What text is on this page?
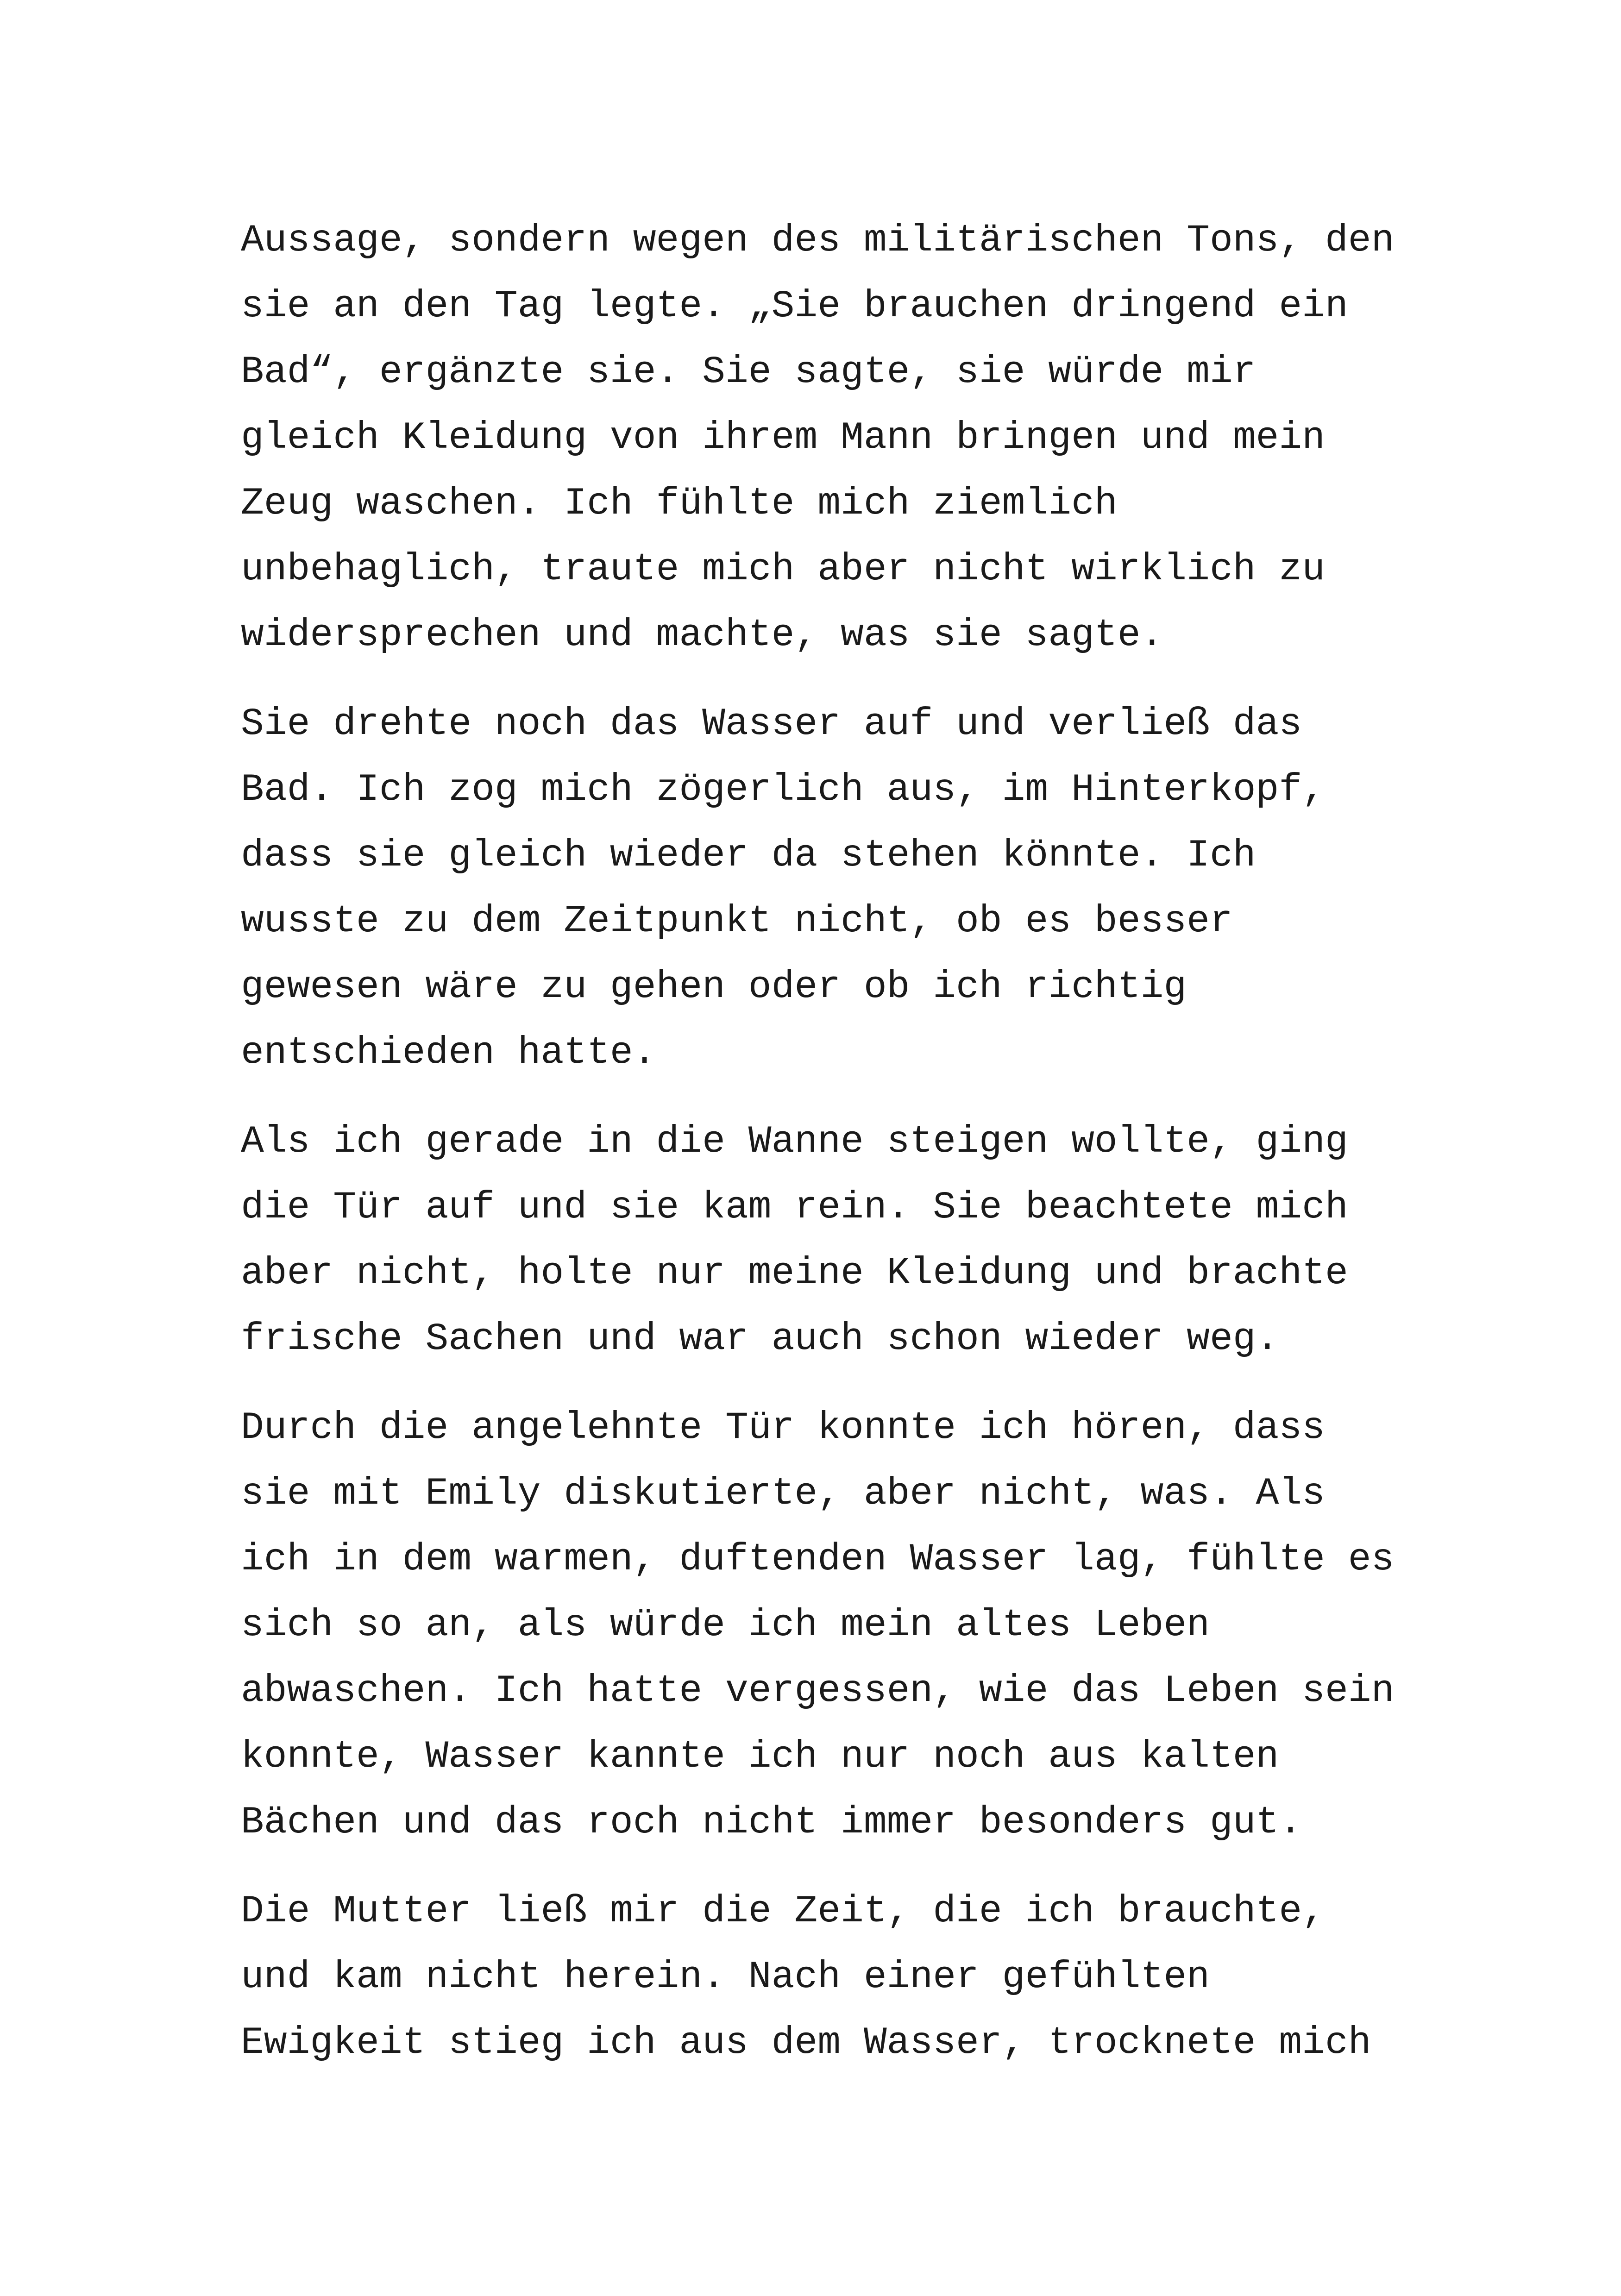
Aussage, sondern wegen des militärischen Tons, den
sie an den Tag legte. „Sie brauchen dringend ein
Bad“, ergänzte sie. Sie sagte, sie würde mir
gleich Kleidung von ihrem Mann bringen und mein
Zeug waschen. Ich fühlte mich ziemlich
unbehaglich, traute mich aber nicht wirklich zu
widersprechen und machte, was sie sagte.

Sie drehte noch das Wasser auf und verließ das
Bad. Ich zog mich zögerlich aus, im Hinterkopf,
dass sie gleich wieder da stehen könnte. Ich
wusste zu dem Zeitpunkt nicht, ob es besser
gewesen wäre zu gehen oder ob ich richtig
entschieden hatte.

Als ich gerade in die Wanne steigen wollte, ging
die Tür auf und sie kam rein. Sie beachtete mich
aber nicht, holte nur meine Kleidung und brachte
frische Sachen und war auch schon wieder weg.

Durch die angelehnte Tür konnte ich hören, dass
sie mit Emily diskutierte, aber nicht, was. Als
ich in dem warmen, duftenden Wasser lag, fühlte es
sich so an, als würde ich mein altes Leben
abwaschen. Ich hatte vergessen, wie das Leben sein
konnte, Wasser kannte ich nur noch aus kalten
Bächen und das roch nicht immer besonders gut.

Die Mutter ließ mir die Zeit, die ich brauchte,
und kam nicht herein. Nach einer gefühlten
Ewigkeit stieg ich aus dem Wasser, trocknete mich
